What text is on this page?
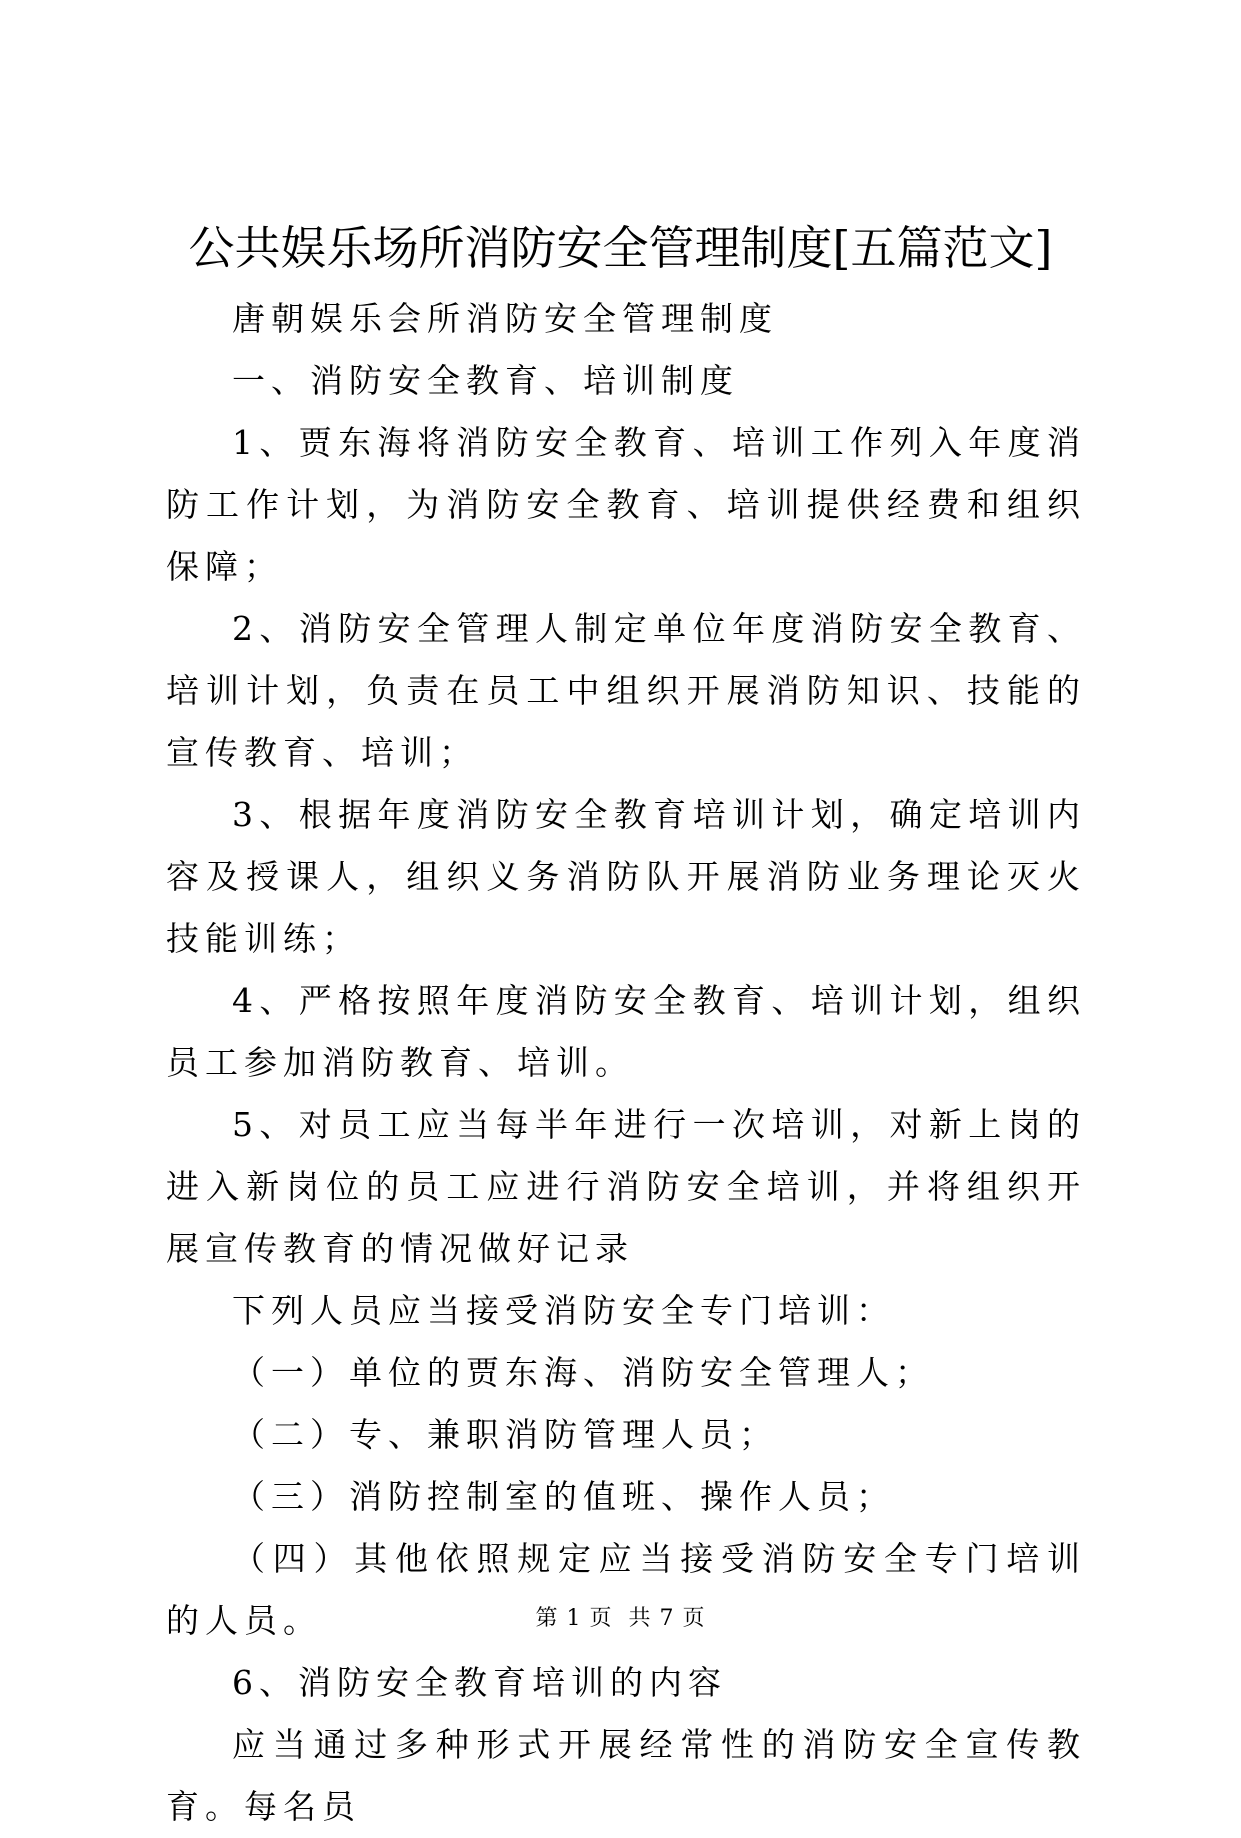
公共娱乐场所消防安全管理制度[五篇范文]

唐朝娱乐会所消防安全管理制度

一、消防安全教育、培训制度

1、贾东海将消防安全教育、培训工作列入年度消防工作计划，为消防安全教育、培训提供经费和组织保障；

2、消防安全管理人制定单位年度消防安全教育、培训计划，负责在员工中组织开展消防知识、技能的宣传教育、培训；

3、根据年度消防安全教育培训计划，确定培训内容及授课人，组织义务消防队开展消防业务理论灭火技能训练；

4、严格按照年度消防安全教育、培训计划，组织员工参加消防教育、培训。

5、对员工应当每半年进行一次培训，对新上岗的进入新岗位的员工应进行消防安全培训，并将组织开展宣传教育的情况做好记录

下列人员应当接受消防安全专门培训：

（一）单位的贾东海、消防安全管理人；

（二）专、兼职消防管理人员；

（三）消防控制室的值班、操作人员；

（四）其他依照规定应当接受消防安全专门培训的人员。

6、消防安全教育培训的内容

应当通过多种形式开展经常性的消防安全宣传教育。每名员

第 1 页  共 7 页
